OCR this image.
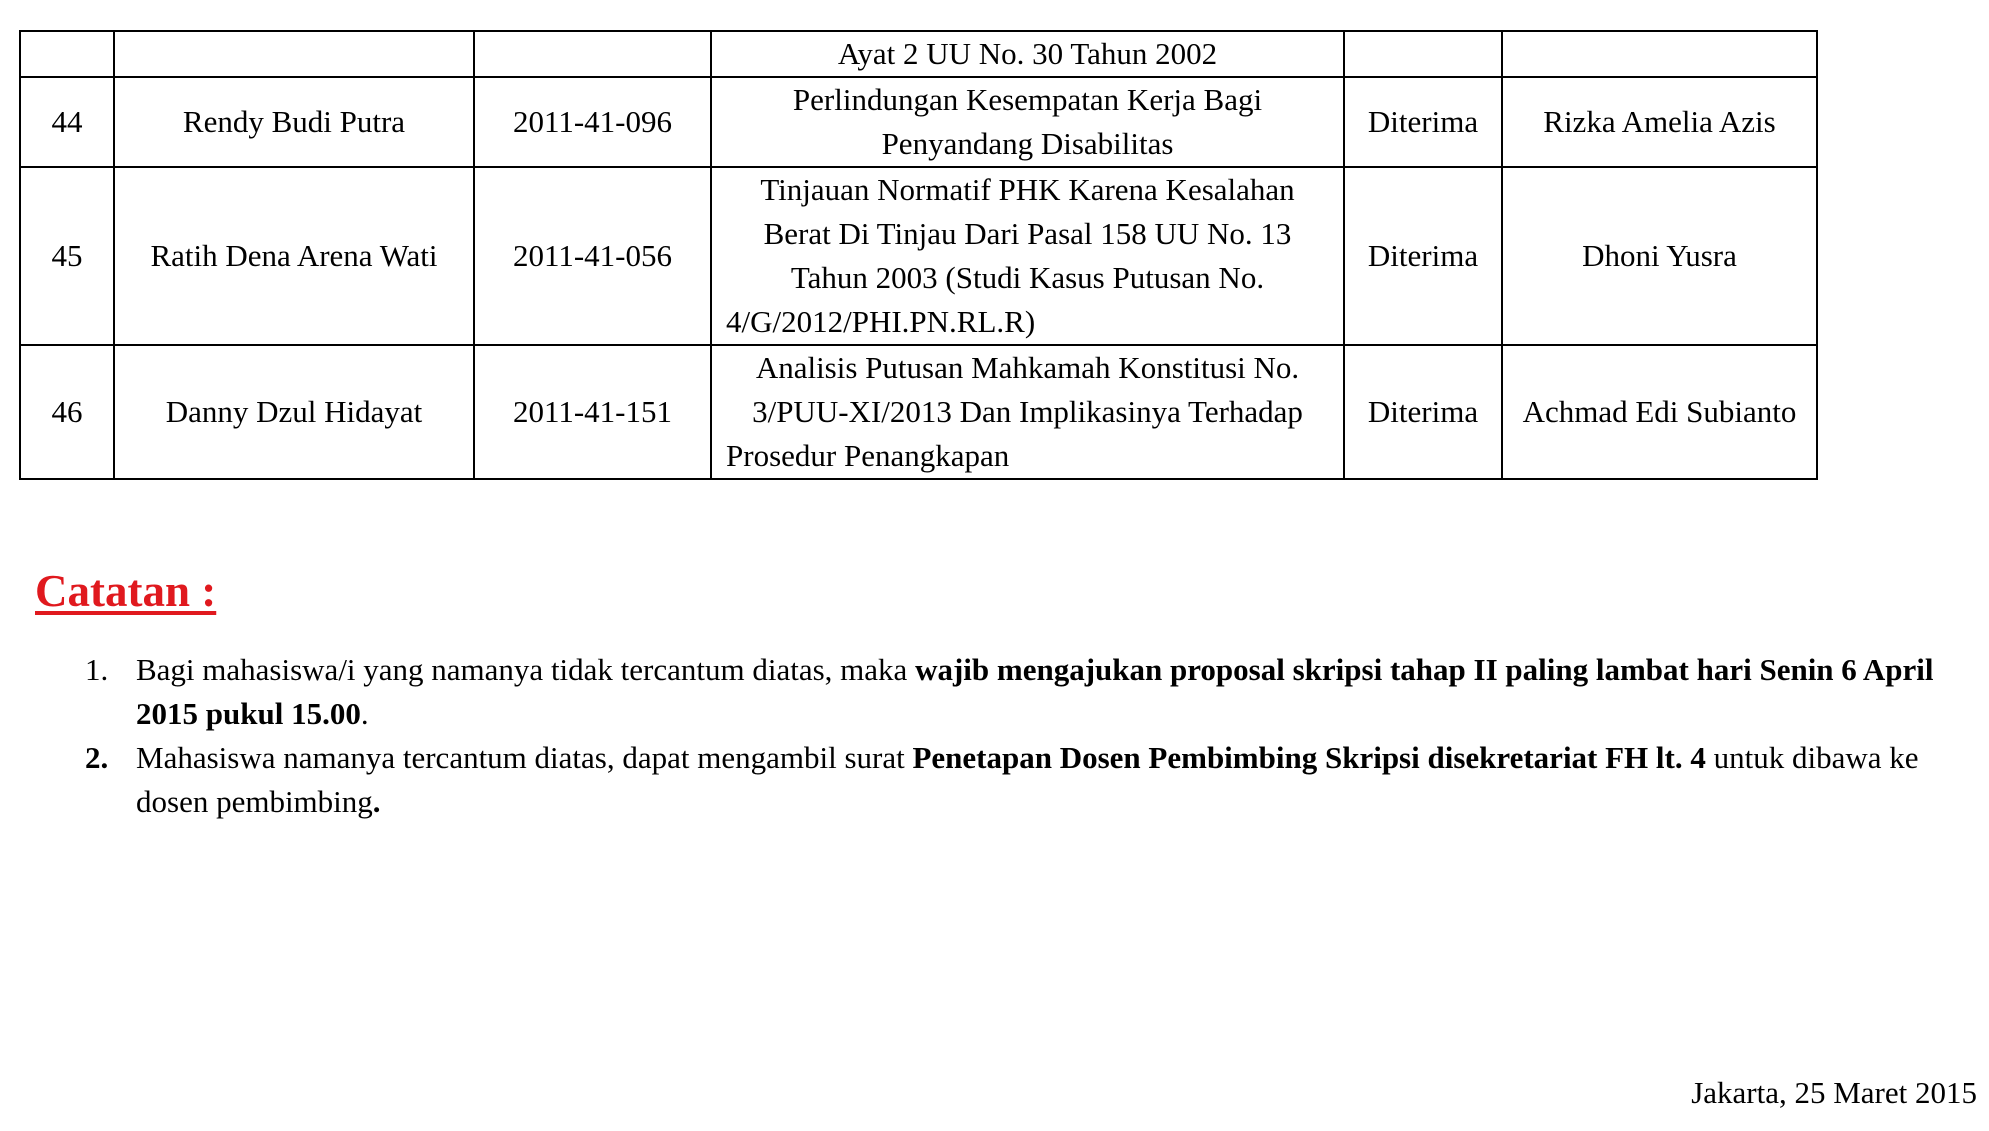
			Ayat 2 UU No. 30 Tahun 2002		
44	Rendy Budi Putra	2011-41-096	Perlindungan Kesempatan Kerja Bagi Penyandang Disabilitas	Diterima	Rizka Amelia Azis
45	Ratih Dena Arena Wati	2011-41-056	Tinjauan Normatif PHK Karena Kesalahan Berat Di Tinjau Dari Pasal 158 UU No. 13 Tahun 2003 (Studi Kasus Putusan No. 4/G/2012/PHI.PN.RL.R)	Diterima	Dhoni Yusra
46	Danny Dzul Hidayat	2011-41-151	Analisis Putusan Mahkamah Konstitusi No. 3/PUU-XI/2013 Dan Implikasinya Terhadap Prosedur Penangkapan	Diterima	Achmad Edi Subianto
Catatan :
1. Bagi mahasiswa/i yang namanya tidak tercantum diatas, maka wajib mengajukan proposal skripsi tahap II paling lambat hari Senin 6 April 2015 pukul 15.00.
2. Mahasiswa namanya tercantum diatas, dapat mengambil surat Penetapan Dosen Pembimbing Skripsi disekretariat FH lt. 4 untuk dibawa ke dosen pembimbing.
Jakarta, 25 Maret 2015
